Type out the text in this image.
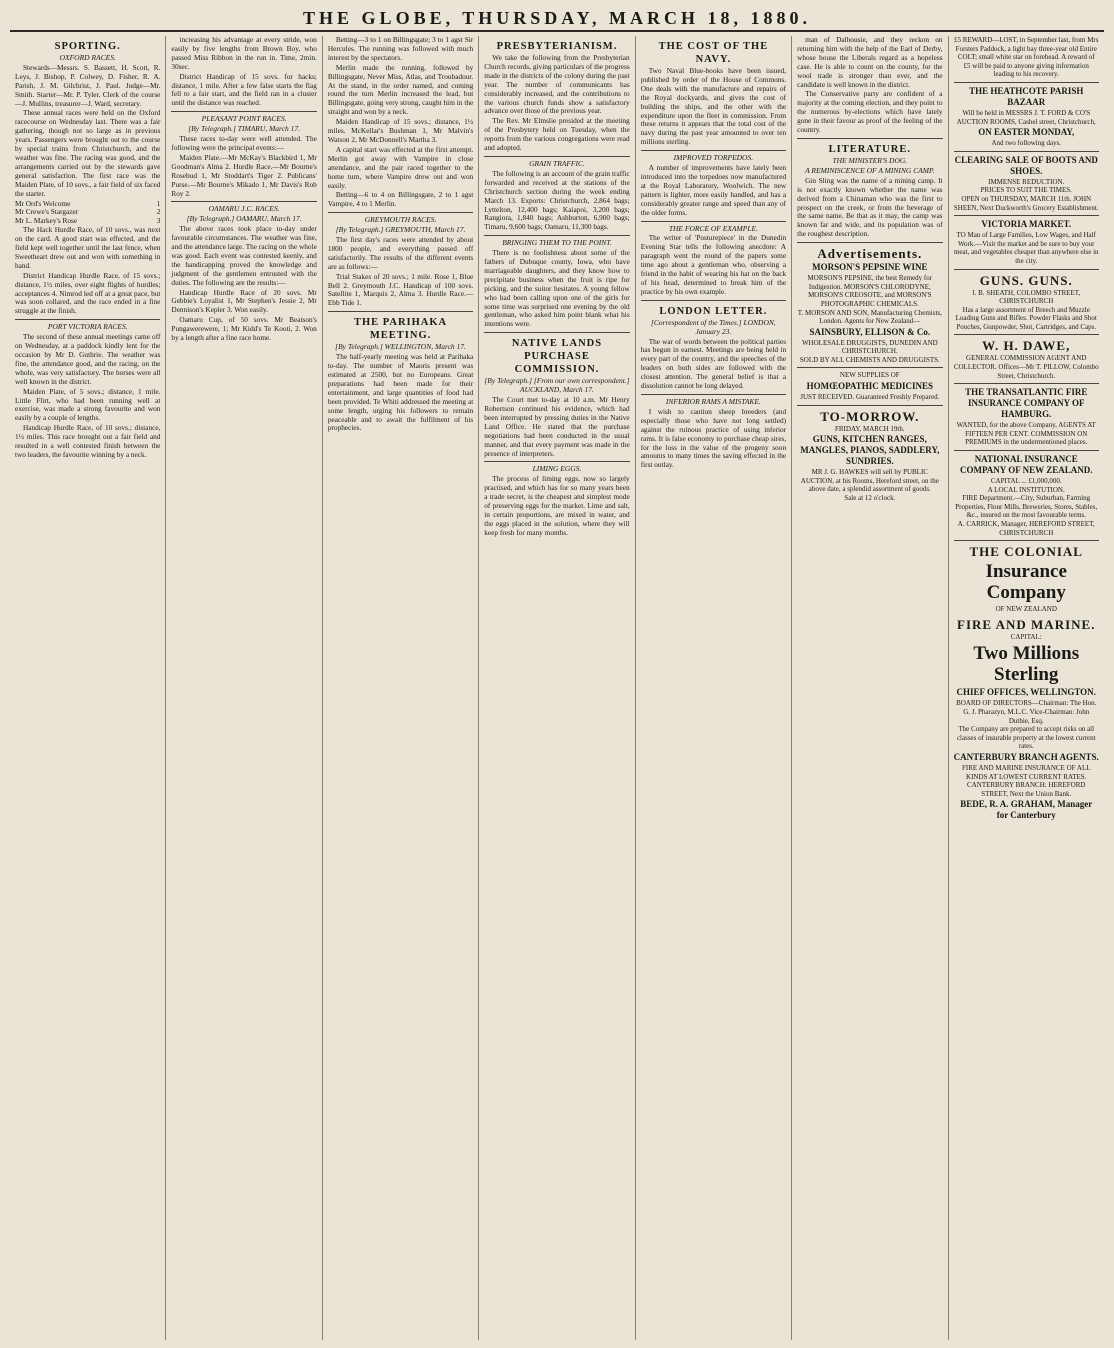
THE GLOBE, THURSDAY, MARCH 18, 1880.
SPORTING.
OXFORD RACES.
Stewards—Messrs. S. Bassett, H. Scott, R. Leys, J. Bishop, P. Colwey, D. Fisher, R. A. Parish, J. M. Gilchrist, J. Paul. Judge—Mr. Smith. Starter—Mr. P. Tyler. Clerk of the course—J. Mullins, treasurer—J. Ward, secretary.
These annual races were held on the Oxford racecourse on Wednesday last. There was a fair gathering, though not so large as in previous years. Passengers were brought out to the course by special trains from Christchurch, and the weather was fine. The racing was good, and the arrangements carried out by the stewards gave general satisfaction. The first race was the Maiden Plate, of 10 sovs., a fair field of six faced the starter.
Mr Ord's Welcome	1
Mr Crewe's Stargazer	2
Mr L. Markey's Rose	3
The Hack Hurdle Race, of 10 sovs., was next on the card. A good start was effected, and the field kept well together until the last fence, when Sweetheart drew out and won with something in hand.
District Handicap Hurdle Race, of 15 sovs.; distance, 1½ miles, over eight flights of hurdles; acceptances 4. Nimrod led off at a great pace, but was soon collared, and the race ended in a fine struggle at the finish.
PORT VICTORIA RACES.
The second of these annual meetings came off on Wednesday, at a paddock kindly lent for the occasion by Mr D. Guthrie. The weather was fine, the attendance good, and the racing, on the whole, was very satisfactory. The horses were all well known in the district.
Maiden Plate, of 5 sovs.; distance, 1 mile. Little Flirt, who had been running well at exercise, was made a strong favourite and won easily by a couple of lengths.
Handicap Hurdle Race, of 10 sovs.; distance, 1½ miles. This race brought out a fair field and resulted in a well contested finish between the two leaders, the favourite winning by a neck.
increasing his advantage at every stride, won easily by five lengths from Brown Boy, who passed Miss Ribbon in the run in. Time, 2min. 30sec.
District Handicap of 15 sovs. for hacks; distance, 1 mile. After a few false starts the flag fell to a fair start, and the field ran in a cluster until the distance was reached.
PLEASANT POINT RACES.
[By Telegraph.] TIMARU, March 17.
These races to-day were well attended. The following were the principal events:—
Maiden Plate.—Mr McKay's Blackbird 1, Mr Goodman's Alma 2. Hurdle Race.—Mr Bourne's Rosebud 1, Mr Stoddart's Tiger 2. Publicans' Purse.—Mr Bourne's Mikado 1, Mr Davis's Rob Roy 2.
OAMARU J.C. RACES.
[By Telegraph.] OAMARU, March 17.
The above races took place to-day under favourable circumstances. The weather was fine, and the attendance large. The racing on the whole was good. Each event was contested keenly, and the handicapping proved the knowledge and judgment of the gentlemen entrusted with the duties. The following are the results:—
Handicap Hurdle Race of 20 sovs. Mr Gebbie's Loyalist 1, Mr Stephen's Jessie 2, Mr Dennison's Kepler 3. Won easily.
Oamaru Cup, of 50 sovs. Mr Beatson's Pungawerewere, 1; Mr Kidd's Te Kooti, 2. Won by a length after a fine race home.
Betting—3 to 1 on Billingsgate; 3 to 1 agst Sir Hercules. The running was followed with much interest by the spectators.
Merlin made the running, followed by Billingsgate, Never Miss, Atlas, and Troubadour. At the stand, in the order named, and coming round the turn Merlin increased the lead, but Billingsgate, going very strong, caught him in the straight and won by a neck.
Maiden Handicap of 15 sovs.; distance, 1½ miles. McKellar's Bushman 1, Mr Malvin's Watson 2, Mr McDonnell's Martha 3.
A capital start was effected at the first attempt. Merlin got away with Vampire in close attendance, and the pair raced together to the home turn, where Vampire drew out and won easily.
Betting—6 to 4 on Billingsgate, 2 to 1 agst Vampire, 4 to 1 Merlin.
GREYMOUTH RACES.
[By Telegraph.] GREYMOUTH, March 17.
The first day's races were attended by about 1800 people, and everything passed off satisfactorily. The results of the different events are as follows:—
Trial Stakes of 20 sovs.; 1 mile. Rose 1, Blue Bell 2. Greymouth J.C. Handicap of 100 sovs. Satellite 1, Marquis 2, Alma 3. Hurdle Race.—Ebb Tide 1.
THE PARIHAKA MEETING.
[By Telegraph.] WELLINGTON, March 17.
The half-yearly meeting was held at Parihaka to-day. The number of Maoris present was estimated at 2500, but no Europeans. Great preparations had been made for their entertainment, and large quantities of food had been provided. Te Whiti addressed the meeting at some length, urging his followers to remain peaceable and to await the fulfilment of his prophecies.
PRESBYTERIANISM.
We take the following from the Presbyterian Church records, giving particulars of the progress made in the districts of the colony during the past year. The number of communicants has considerably increased, and the contributions to the various church funds show a satisfactory advance over those of the previous year.
The Rev. Mr Elmslie presided at the meeting of the Presbytery held on Tuesday, when the reports from the various congregations were read and adopted.
GRAIN TRAFFIC.
The following is an account of the grain traffic forwarded and received at the stations of the Christchurch section during the week ending March 13. Exports: Christchurch, 2,864 bags; Lyttelton, 12,400 bags; Kaiapoi, 3,200 bags; Rangiora, 1,840 bags; Ashburton, 6,900 bags; Timaru, 9,600 bags; Oamaru, 11,300 bags.
BRINGING THEM TO THE POINT.
There is no foolishness about some of the fathers of Dubuque county, Iowa, who have marriageable daughters, and they know how to precipitate business when the fruit is ripe for picking, and the suitor hesitates. A young fellow who had been calling upon one of the girls for some time was surprised one evening by the old gentleman, who asked him point blank what his intentions were.
NATIVE LANDS PURCHASE COMMISSION.
[By Telegraph.] [From our own correspondent.] AUCKLAND, March 17.
The Court met to-day at 10 a.m. Mr Henry Robertson continued his evidence, which had been interrupted by pressing duties in the Native Land Office. He stated that the purchase negotiations had been conducted in the usual manner, and that every payment was made in the presence of interpreters.
LIMING EGGS.
The process of liming eggs, now so largely practised, and which has for so many years been a trade secret, is the cheapest and simplest mode of preserving eggs for the market. Lime and salt, in certain proportions, are mixed in water, and the eggs placed in the solution, where they will keep fresh for many months.
THE COST OF THE NAVY.
Two Naval Blue-books have been issued, published by order of the House of Commons. One deals with the manufacture and repairs of the Royal dockyards, and gives the cost of building the ships, and the other with the expenditure upon the fleet in commission. From these returns it appears that the total cost of the navy during the past year amounted to over ten millions sterling.
IMPROVED TORPEDOS.
A number of improvements have lately been introduced into the torpedoes now manufactured at the Royal Laboratory, Woolwich. The new pattern is lighter, more easily handled, and has a considerably greater range and speed than any of the older forms.
THE FORCE OF EXAMPLE.
The writer of 'Posturepiece' in the Dunedin Evening Star tells the following anecdote: A paragraph went the round of the papers some time ago about a gentleman who, observing a friend in the habit of wearing his hat on the back of his head, determined to break him of the practice by his own example.
LONDON LETTER.
[Correspondent of the Times.] LONDON, January 23.
The war of words between the political parties has begun in earnest. Meetings are being held in every part of the country, and the speeches of the leaders on both sides are followed with the closest attention. The general belief is that a dissolution cannot be long delayed.
INFERIOR RAMS A MISTAKE.
I wish to caution sheep breeders (and especially those who have not long settled) against the ruinous practice of using inferior rams. It is false economy to purchase cheap sires, for the loss in the value of the progeny soon amounts to many times the saving effected in the first outlay.
man of Dalhousie, and they reckon on returning him with the help of the Earl of Derby, whose house the Liberals regard as a hopeless case. He is able to count on the county, for the wool trade is stronger than ever, and the candidate is well known in the district.
The Conservative party are confident of a majority at the coming election, and they point to the numerous by-elections which have lately gone in their favour as proof of the feeling of the country.
LITERATURE.
THE MINISTER'S DOG.
A REMINISCENCE OF A MINING CAMP.
Gin Sling was the name of a mining camp. It is not exactly known whether the name was derived from a Chinaman who was the first to prospect on the creek, or from the beverage of the same name. Be that as it may, the camp was known far and wide, and its population was of the roughest description.
Advertisements.
MORSON'S PEPSINE WINE
MORSON'S PEPSINE, the best Remedy for Indigestion. MORSON'S CHLORODYNE, MORSON'S CREOSOTE, and MORSON'S PHOTOGRAPHIC CHEMICALS.
T. MORSON AND SON, Manufacturing Chemists, London. Agents for New Zealand—
SAINSBURY, ELLISON & Co.
WHOLESALE DRUGGISTS, DUNEDIN AND CHRISTCHURCH.
SOLD BY ALL CHEMISTS AND DRUGGISTS.
NEW SUPPLIES OF
HOMŒOPATHIC MEDICINES
JUST RECEIVED. Guaranteed Freshly Prepared.
TO-MORROW.
FRIDAY, MARCH 19th.
GUNS, KITCHEN RANGES, MANGLES, PIANOS, SADDLERY, SUNDRIES.
MR J. G. HAWKES will sell by PUBLIC AUCTION, at his Rooms, Hereford street, on the above date, a splendid assortment of goods.
Sale at 12 o'clock.
£5 REWARD—LOST, in September last, from Mrs Forsters Paddock, a light bay three-year old Entire COLT; small white star on forehead. A reward of £5 will be paid to anyone giving information leading to his recovery.
THE HEATHCOTE PARISH BAZAAR
Will be held in MESSRS J. T. FORD & CO'S AUCTION ROOMS, Cashel street, Christchurch,
ON EASTER MONDAY,
And two following days.
CLEARING SALE OF BOOTS AND SHOES.
IMMENSE REDUCTION.
PRICES TO SUIT THE TIMES.
OPEN on THURSDAY, MARCH 11th. JOHN SHEEN, Next Duckworth's Grocery Establishment.
VICTORIA MARKET.
TO Man of Large Families, Low Wages, and Half Work.—Visit the market and be sure to buy your meat, and vegetables cheaper than anywhere else in the city.
GUNS. GUNS.
I. B. SHEATH, COLOMBO STREET, CHRISTCHURCH
Has a large assortment of Breech and Muzzle Loading Guns and Rifles. Powder Flasks and Shot Pouches, Gunpowder, Shot, Cartridges, and Caps.
W. H. DAWE,
GENERAL COMMISSION AGENT AND COLLECTOR. Offices—Mr T. PILLOW, Colombo Street, Christchurch.
THE TRANSATLANTIC FIRE INSURANCE COMPANY OF HAMBURG.
WANTED, for the above Company, AGENTS AT FIFTEEN PER CENT. COMMISSION ON PREMIUMS in the undermentioned places.
NATIONAL INSURANCE COMPANY OF NEW ZEALAND.
CAPITAL ... £1,000,000.
A LOCAL INSTITUTION.
FIRE Department.—City, Suburban, Farming Properties, Flour Mills, Breweries, Stores, Stables, &c., insured on the most favourable terms.
A. CARRICK, Manager, HEREFORD STREET, CHRISTCHURCH
THE COLONIAL
Insurance Company
OF NEW ZEALAND
FIRE AND MARINE.
CAPITAL:
Two Millions Sterling
CHIEF OFFICES, WELLINGTON.
BOARD OF DIRECTORS—Chairman: The Hon. G. J. Pharazyn, M.L.C. Vice-Chairman: John Duthie, Esq.
The Company are prepared to accept risks on all classes of insurable property at the lowest current rates.
CANTERBURY BRANCH AGENTS.
FIRE AND MARINE INSURANCE OF ALL KINDS AT LOWEST CURRENT RATES.
CANTERBURY BRANCH: HEREFORD STREET, Next the Union Bank.
BEDE, R. A. GRAHAM, Manager for Canterbury
